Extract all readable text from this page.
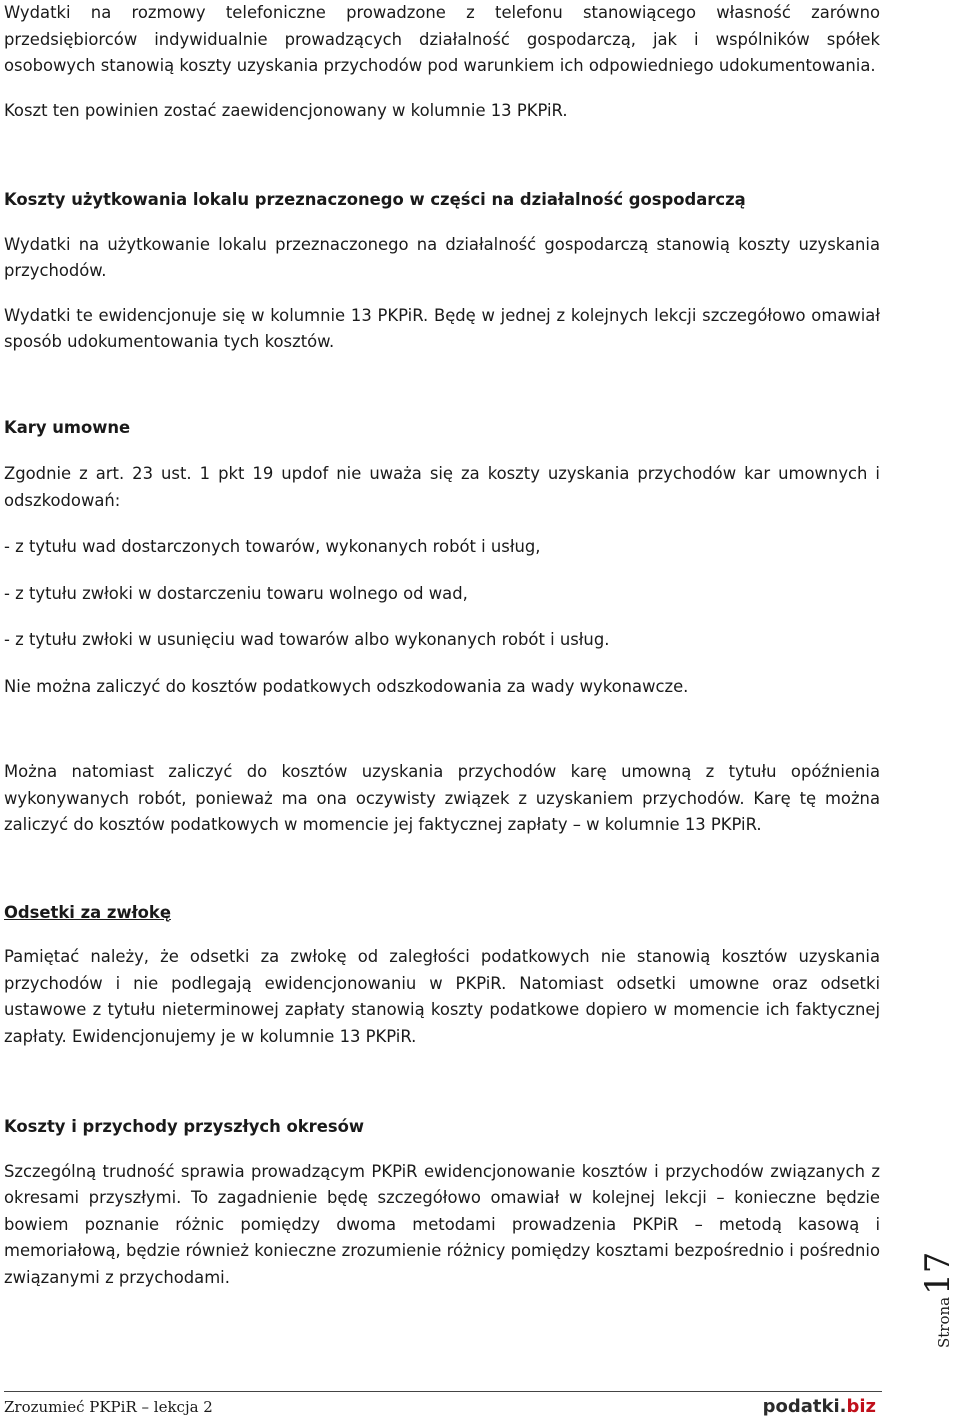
Wydatki na rozmowy telefoniczne prowadzone z telefonu stanowiącego własność zarówno przedsiębiorców indywidualnie prowadzących działalność gospodarczą, jak i wspólników spółek osobowych stanowią koszty uzyskania przychodów pod warunkiem ich odpowiedniego udokumentowania.

Koszt ten powinien zostać zaewidencjonowany w kolumnie 13 PKPiR.

Koszty użytkowania lokalu przeznaczonego w części na działalność gospodarczą

Wydatki na użytkowanie lokalu przeznaczonego na działalność gospodarczą stanowią koszty uzyskania przychodów.

Wydatki te ewidencjonuje się w kolumnie 13 PKPiR. Będę w jednej z kolejnych lekcji szczegółowo omawiał sposób udokumentowania tych kosztów.

Kary umowne

Zgodnie z art. 23 ust. 1 pkt 19 updof nie uważa się za koszty uzyskania przychodów kar umownych i odszkodowań:

- z tytułu wad dostarczonych towarów, wykonanych robót i usług,

- z tytułu zwłoki w dostarczeniu towaru wolnego od wad,

- z tytułu zwłoki w usunięciu wad towarów albo wykonanych robót i usług.

Nie można zaliczyć do kosztów podatkowych odszkodowania za wady wykonawcze.

Można natomiast zaliczyć do kosztów uzyskania przychodów karę umowną z tytułu opóźnienia wykonywanych robót, ponieważ ma ona oczywisty związek z uzyskaniem przychodów. Karę tę można zaliczyć do kosztów podatkowych w momencie jej faktycznej zapłaty – w kolumnie 13 PKPiR.

Odsetki za zwłokę

Pamiętać należy, że odsetki za zwłokę od zaległości podatkowych nie stanowią kosztów uzyskania przychodów i nie podlegają ewidencjonowaniu w PKPiR. Natomiast odsetki umowne oraz odsetki ustawowe z tytułu nieterminowej zapłaty stanowią koszty podatkowe dopiero w momencie ich faktycznej zapłaty. Ewidencjonujemy je w kolumnie 13 PKPiR.

Koszty i przychody przyszłych okresów

Szczególną trudność sprawia prowadzącym PKPiR ewidencjonowanie kosztów i przychodów związanych z okresami przyszłymi. To zagadnienie będę szczegółowo omawiał w kolejnej lekcji – konieczne będzie bowiem poznanie różnic pomiędzy dwoma metodami prowadzenia PKPiR – metodą kasową i memoriałową, będzie również konieczne zrozumienie różnicy pomiędzy kosztami bezpośrednio i pośrednio związanymi z przychodami.

Strona17
Zrozumieć PKPiR – lekcja 2	podatki.biz
